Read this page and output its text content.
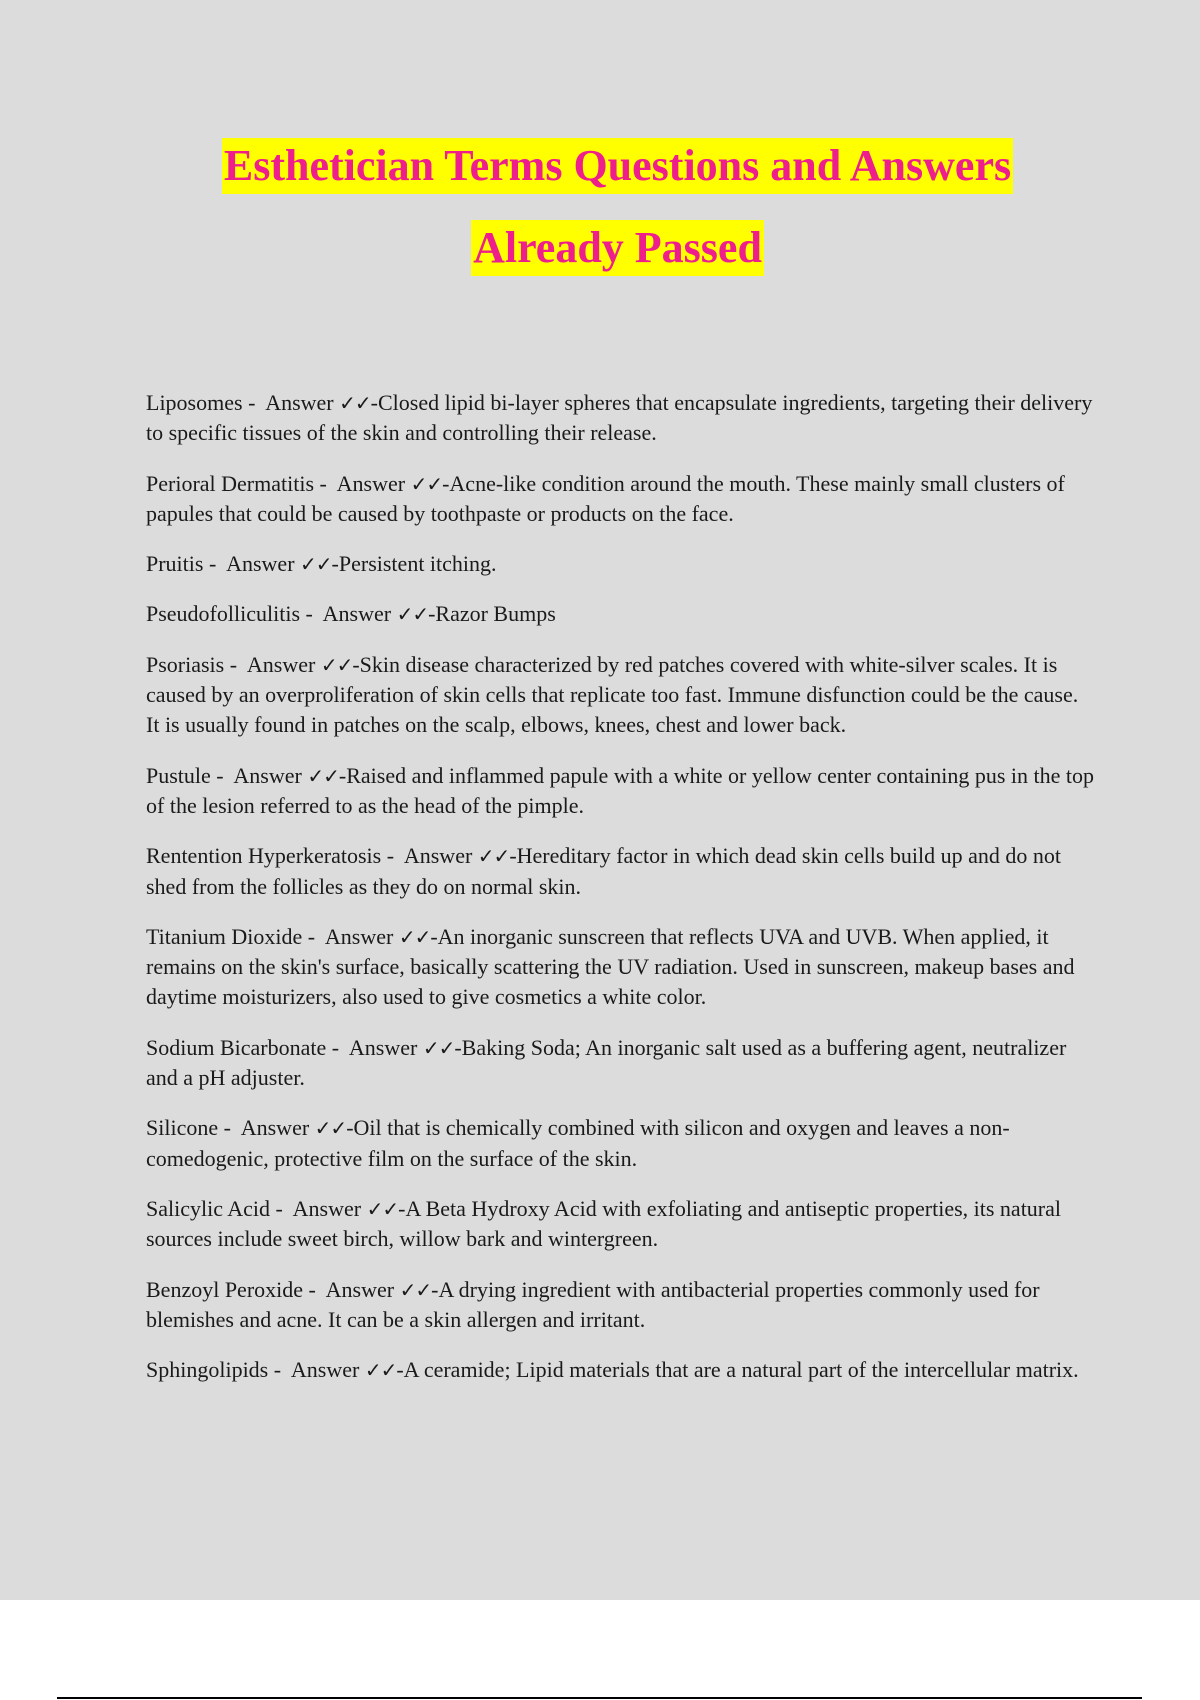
Esthetician Terms Questions and Answers
Already Passed
Liposomes -  Answer ✓✓-Closed lipid bi-layer spheres that encapsulate ingredients, targeting their delivery to specific tissues of the skin and controlling their release.
Perioral Dermatitis -  Answer ✓✓-Acne-like condition around the mouth. These mainly small clusters of papules that could be caused by toothpaste or products on the face.
Pruitis -  Answer ✓✓-Persistent itching.
Pseudofolliculitis -  Answer ✓✓-Razor Bumps
Psoriasis -  Answer ✓✓-Skin disease characterized by red patches covered with white-silver scales. It is caused by an overproliferation of skin cells that replicate too fast. Immune disfunction could be the cause. It is usually found in patches on the scalp, elbows, knees, chest and lower back.
Pustule -  Answer ✓✓-Raised and inflammed papule with a white or yellow center containing pus in the top of the lesion referred to as the head of the pimple.
Rentention Hyperkeratosis -  Answer ✓✓-Hereditary factor in which dead skin cells build up and do not shed from the follicles as they do on normal skin.
Titanium Dioxide -  Answer ✓✓-An inorganic sunscreen that reflects UVA and UVB. When applied, it remains on the skin's surface, basically scattering the UV radiation. Used in sunscreen, makeup bases and daytime moisturizers, also used to give cosmetics a white color.
Sodium Bicarbonate -  Answer ✓✓-Baking Soda; An inorganic salt used as a buffering agent, neutralizer and a pH adjuster.
Silicone -  Answer ✓✓-Oil that is chemically combined with silicon and oxygen and leaves a non-comedogenic, protective film on the surface of the skin.
Salicylic Acid -  Answer ✓✓-A Beta Hydroxy Acid with exfoliating and antiseptic properties, its natural sources include sweet birch, willow bark and wintergreen.
Benzoyl Peroxide -  Answer ✓✓-A drying ingredient with antibacterial properties commonly used for blemishes and acne. It can be a skin allergen and irritant.
Sphingolipids -  Answer ✓✓-A ceramide; Lipid materials that are a natural part of the intercellular matrix.
